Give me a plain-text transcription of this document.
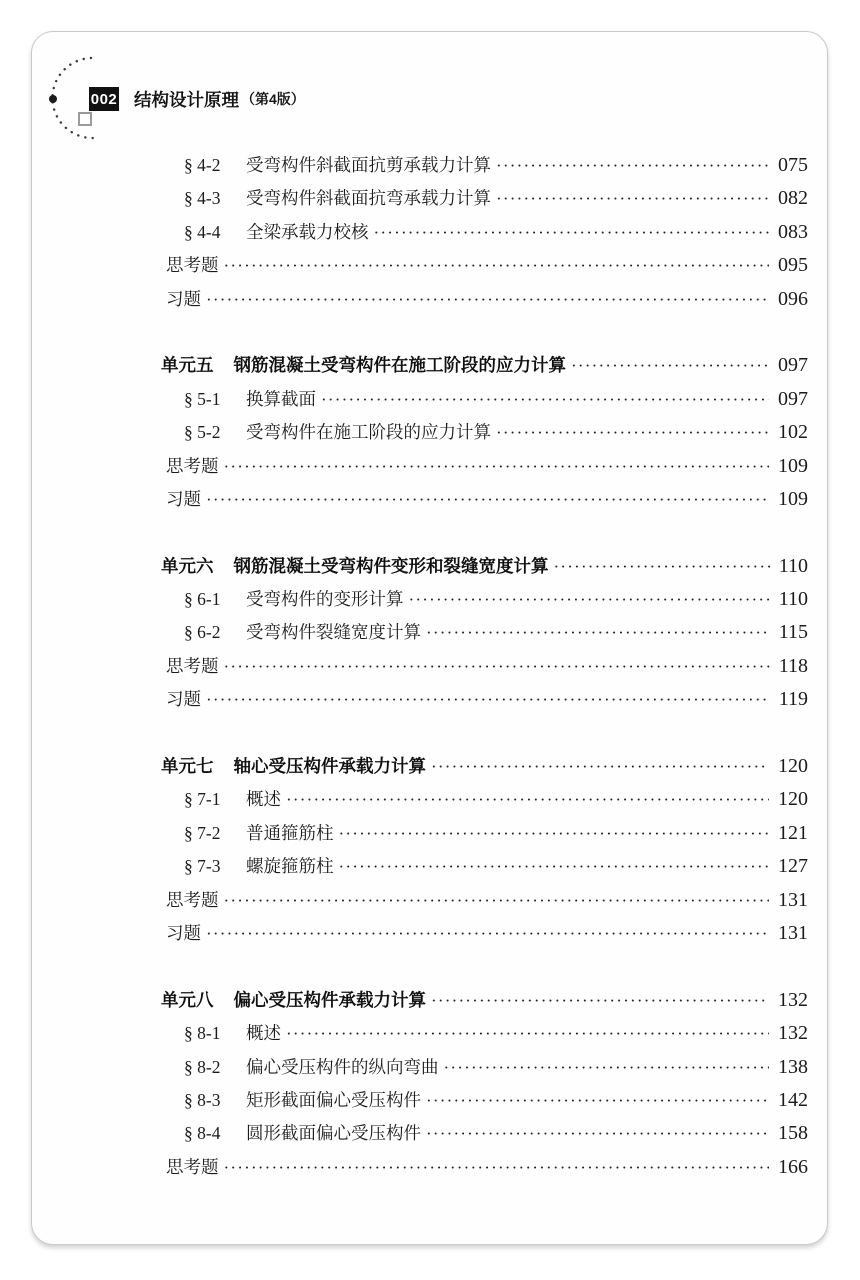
002 结构设计原理 （第4版）
§ 4-2 受弯构件斜截面抗剪承载力计算 ·····	075
§ 4-3 受弯构件斜截面抗弯承载力计算 ·····	082
§ 4-4 全梁承载力校核 ·····	083
思考题 ·····	095
习题 ·····	096
单元五 钢筋混凝土受弯构件在施工阶段的应力计算 ·····	097
§ 5-1 换算截面 ·····	097
§ 5-2 受弯构件在施工阶段的应力计算 ·····	102
思考题 ·····	109
习题 ·····	109
单元六 钢筋混凝土受弯构件变形和裂缝宽度计算 ·····	110
§ 6-1 受弯构件的变形计算 ·····	110
§ 6-2 受弯构件裂缝宽度计算 ·····	115
思考题 ·····	118
习题 ·····	119
单元七 轴心受压构件承载力计算 ·····	120
§ 7-1 概述 ·····	120
§ 7-2 普通箍筋柱 ·····	121
§ 7-3 螺旋箍筋柱 ·····	127
思考题 ·····	131
习题 ·····	131
单元八 偏心受压构件承载力计算 ·····	132
§ 8-1 概述 ·····	132
§ 8-2 偏心受压构件的纵向弯曲 ·····	138
§ 8-3 矩形截面偏心受压构件 ·····	142
§ 8-4 圆形截面偏心受压构件 ·····	158
思考题 ·····	166
